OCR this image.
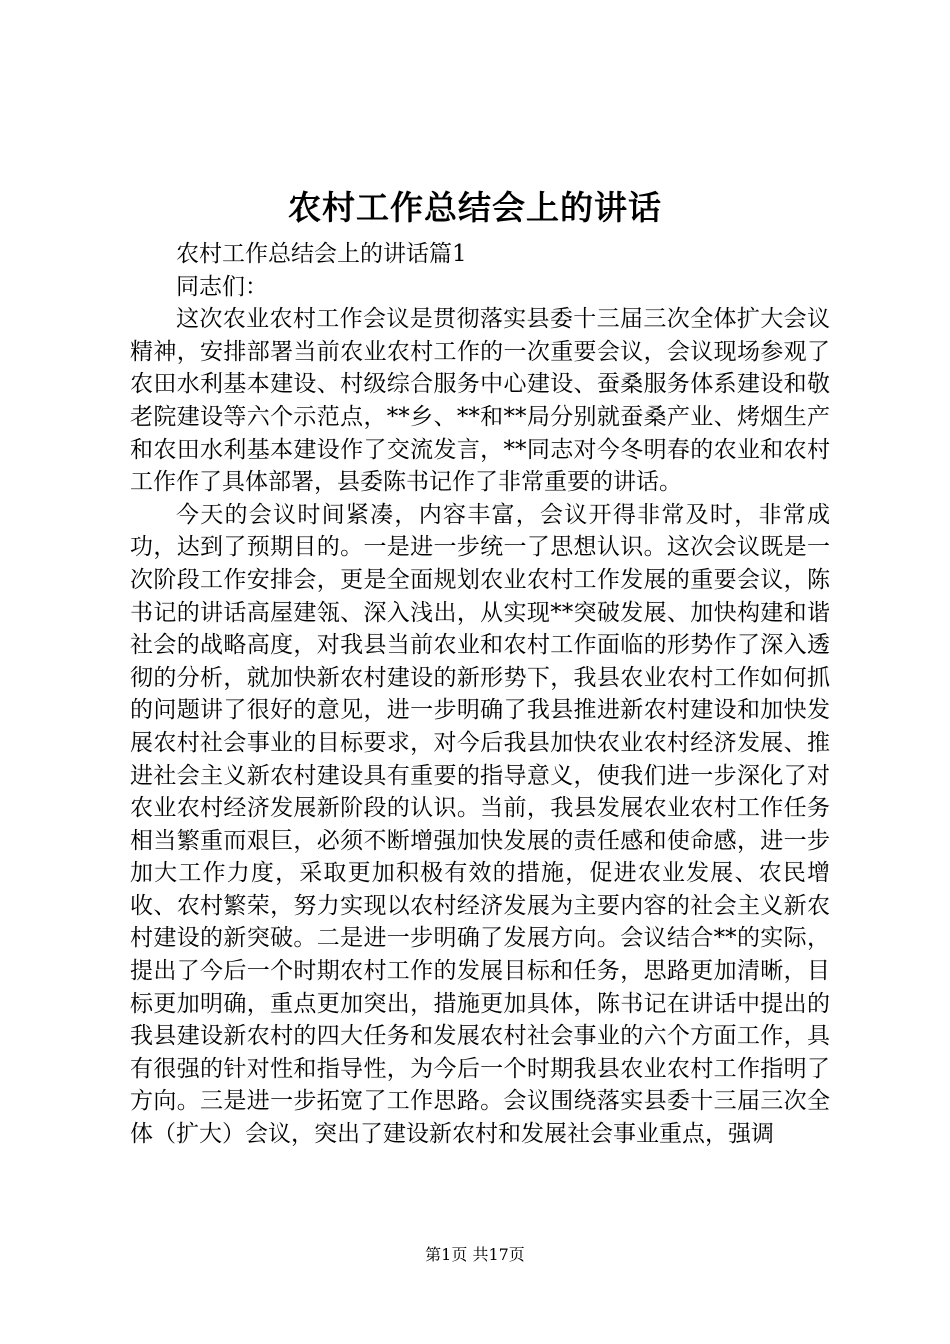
农村工作总结会上的讲话

农村工作总结会上的讲话篇1

同志们：

这次农业农村工作会议是贯彻落实县委十三届三次全体扩大会议精神，安排部署当前农业农村工作的一次重要会议，会议现场参观了农田水利基本建设、村级综合服务中心建设、蚕桑服务体系建设和敬老院建设等六个示范点，**乡、**和**局分别就蚕桑产业、烤烟生产和农田水利基本建设作了交流发言，**同志对今冬明春的农业和农村工作作了具体部署，县委陈书记作了非常重要的讲话。

今天的会议时间紧凑，内容丰富，会议开得非常及时，非常成功，达到了预期目的。一是进一步统一了思想认识。这次会议既是一次阶段工作安排会，更是全面规划农业农村工作发展的重要会议，陈书记的讲话高屋建瓴、深入浅出，从实现**突破发展、加快构建和谐社会的战略高度，对我县当前农业和农村工作面临的形势作了深入透彻的分析，就加快新农村建设的新形势下，我县农业农村工作如何抓的问题讲了很好的意见，进一步明确了我县推进新农村建设和加快发展农村社会事业的目标要求，对今后我县加快农业农村经济发展、推进社会主义新农村建设具有重要的指导意义，使我们进一步深化了对农业农村经济发展新阶段的认识。当前，我县发展农业农村工作任务相当繁重而艰巨，必须不断增强加快发展的责任感和使命感，进一步加大工作力度，采取更加积极有效的措施，促进农业发展、农民增收、农村繁荣，努力实现以农村经济发展为主要内容的社会主义新农村建设的新突破。二是进一步明确了发展方向。会议结合**的实际，提出了今后一个时期农村工作的发展目标和任务，思路更加清晰，目标更加明确，重点更加突出，措施更加具体，陈书记在讲话中提出的我县建设新农村的四大任务和发展农村社会事业的六个方面工作，具有很强的针对性和指导性，为今后一个时期我县农业农村工作指明了方向。三是进一步拓宽了工作思路。会议围绕落实县委十三届三次全体（扩大）会议，突出了建设新农村和发展社会事业重点，强调

第1页 共17页
